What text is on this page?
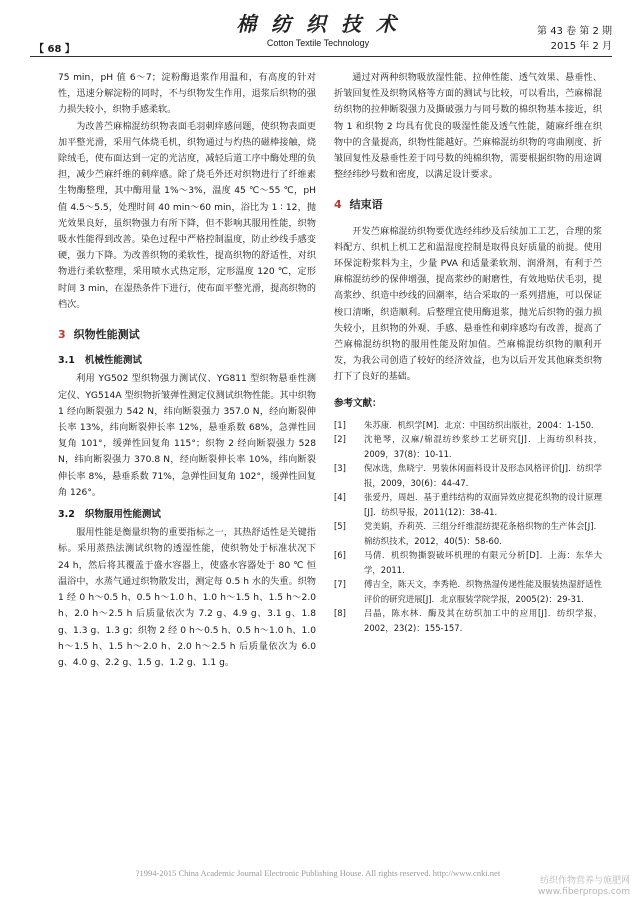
【 68 】
棉 纺 织 技 术
Cotton Textile Technology
第 43 卷 第 2 期
2015 年 2 月

75 min，pH 值 6～7；淀粉酶退浆作用温和，有高度的针对性，迅速分解淀粉的同时，不与织物发生作用，退浆后织物的强力损失较小，织物手感柔软。

为改善苎麻棉混纺织物表面毛羽刺痒感问题，使织物表面更加平整光滑，采用气体烧毛机，织物通过与灼热的磁棒接触，烧除绒毛，使布面达到一定的光洁度，减轻后道工序中酶处理的负担，减少苎麻纤维的刺痒感。除了烧毛外还对织物进行了纤维素生物酶整理，其中酶用量 1%～3%，温度 45 ℃～55 ℃，pH 值 4.5～5.5，处理时间 40 min～60 min，浴比为 1 ∶ 12，抛光效果良好，虽织物强力有所下降，但不影响其服用性能，织物吸水性能得到改善。染色过程中严格控制温度，防止纱线手感变硬，强力下降。为改善织物的柔软性，提高织物的舒适性，对织物进行柔软整理，采用喷水式热定形，定形温度 120 ℃，定形时间 3 min，在湿热条件下进行，使布面平整光滑，提高织物的档次。

3 织物性能测试
3.1 机械性能测试

利用 YG502 型织物强力测试仪、YG811 型织物悬垂性测定仪、YG514A 型织物折皱弹性测定仪测试织物性能。其中织物 1 经向断裂强力 542 N，纬向断裂强力 357.0 N，经向断裂伸长率 13%，纬向断裂伸长率 12%，悬垂系数 68%，急弹性回复角 101°，缓弹性回复角 115°；织物 2 经向断裂强力 528 N，纬向断裂强力 370.8 N，经向断裂伸长率 10%，纬向断裂伸长率 8%，悬垂系数 71%，急弹性回复角 102°，缓弹性回复角 126°。

3.2 织物服用性能测试

服用性能是衡量织物的重要指标之一，其热舒适性是关键指标。采用蒸热法测试织物的透湿性能，使织物处于标准状况下 24 h，然后将其覆盖于盛水容器上，使盛水容器处于 80 ℃ 恒温浴中，水蒸气通过织物散发出，测定每 0.5 h 水的失重。织物 1 经 0 h～0.5 h、0.5 h～1.0 h、1.0 h～1.5 h、1.5 h～2.0 h、2.0 h～2.5 h 后质量依次为 7.2 g、4.9 g、3.1 g、1.8 g、1.3 g、1.3 g；织物 2 经 0 h～0.5 h、0.5 h～1.0 h、1.0 h～1.5 h、1.5 h～2.0 h、2.0 h～2.5 h 后质量依次为 6.0 g、4.0 g、2.2 g、1.5 g、1.2 g、1.1 g。

通过对两种织物吸放湿性能、拉伸性能、透气效果、悬垂性、折皱回复性及织物风格等方面的测试与比较，可以看出，苎麻棉混纺织物的拉伸断裂强力及撕破强力与同号数的棉织物基本接近，织物 1 和织物 2 均具有优良的吸湿性能及透气性能，随麻纤维在织物中的含量提高，织物性能越好。苎麻棉混纺织物的弯曲刚度、折皱回复性及悬垂性差于同号数的纯棉织物，需要根据织物的用途调整经纬纱号数和密度，以满足设计要求。

4 结束语

开发苎麻棉混纺织物要优选经纬纱及后续加工工艺，合理的浆料配方、织机上机工艺和温湿度控制是取得良好质量的前提。使用环保淀粉浆料为主，少量 PVA 和适量柔软剂、润滑剂，有利于苎麻棉混纺纱的保伸增强，提高浆纱的耐磨性，有效地贴伏毛羽，提高浆纱、织造中纱线的回潮率，结合采取的一系列措施，可以保证梭口清晰，织造顺利。后整理宜使用酶退浆，抛光后织物的强力损失较小，且织物的外观、手感、悬垂性和刺痒感均有改善，提高了苎麻棉混纺织物的服用性能及附加值。苎麻棉混纺织物的顺利开发，为我公司创造了较好的经济效益，也为以后开发其他麻类织物打下了良好的基础。

参考文献：
[1]	朱苏康．机织学[M]．北京：中国纺织出版社，2004：1-150.
[2]	沈艳琴，汉麻/棉混纺纱浆纱工艺研究[J]．上海纺织科技，2009，37(8)：10-11.
[3]	倪冰选，焦晓宁．男装休闲面料设计及形态风格评价[J]．纺织学报，2009，30(6)：44-47.
[4]	张爱丹，周赳．基于重纬结构的双面异效应提花织物的设计原理[J]．纺织导报，2011(12)：38-41.
[5]	党美娟，乔莉英．三组分纤维混纺提花条格织物的生产体会[J]．棉纺织技术，2012，40(5)：58-60.
[6]	马倩．机织物撕裂破坏机理的有限元分析[D]．上海：东华大学，2011.
[7]	傅吉全，陈天文，李秀艳．织物热湿传递性能及服装热湿舒适性评价的研究进展[J]．北京服装学院学报，2005(2)：29-31.
[8]	吕晶，陈水林．酶及其在纺织加工中的应用[J]．纺织学报，2002，23(2)：155-157.
?1994-2015 China Academic Journal Electronic Publishing House. All rights reserved. http://www.cnki.net
纺织作物营养与施肥网
www.fiberprops.com
